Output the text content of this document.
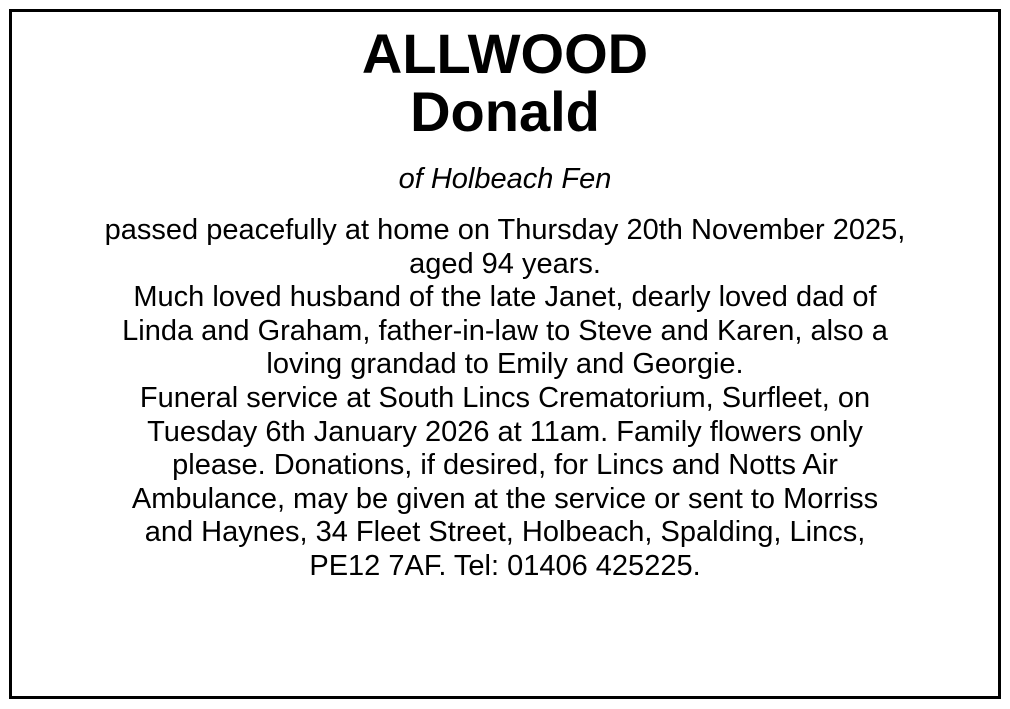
ALLWOOD
Donald
of Holbeach Fen
passed peacefully at home on Thursday 20th November 2025,
aged 94 years.
Much loved husband of the late Janet, dearly loved dad of
Linda and Graham, father-in-law to Steve and Karen, also a
loving grandad to Emily and Georgie.
Funeral service at South Lincs Crematorium, Surfleet, on
Tuesday 6th January 2026 at 11am. Family flowers only
please. Donations, if desired, for Lincs and Notts Air
Ambulance, may be given at the service or sent to Morriss
and Haynes, 34 Fleet Street, Holbeach, Spalding, Lincs,
PE12 7AF. Tel: 01406 425225.
